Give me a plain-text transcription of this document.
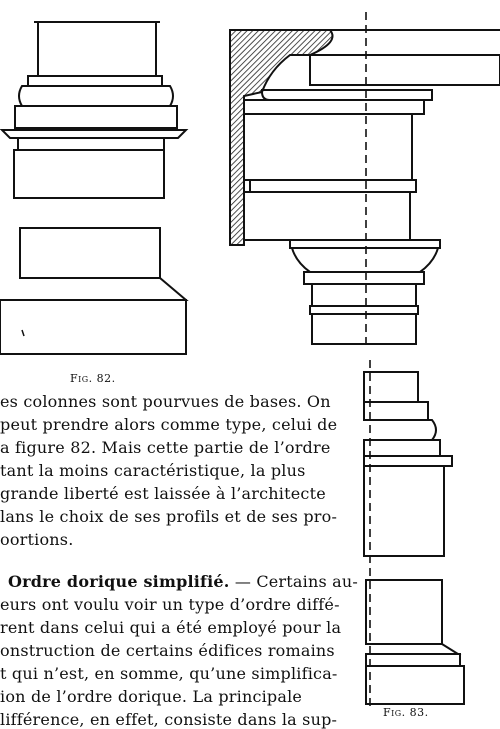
Fig. 82.
Fig. 83.
es colonnes sont pourvues de bases. On
peut prendre alors comme type, celui de
a figure 82. Mais cette partie de l’ordre
tant la moins caractéristique, la plus
grande liberté est laissée à l’architecte
lans le choix de ses profils et de ses pro-
oortions.
Ordre dorique simplifié. — Certains au-
eurs ont voulu voir un type d’ordre diffé-
rent dans celui qui a été employé pour la
onstruction de certains édifices romains
t qui n’est, en somme, qu’une simplifica-
ion de l’ordre dorique. La principale
lifférence, en effet, consiste dans la sup-
